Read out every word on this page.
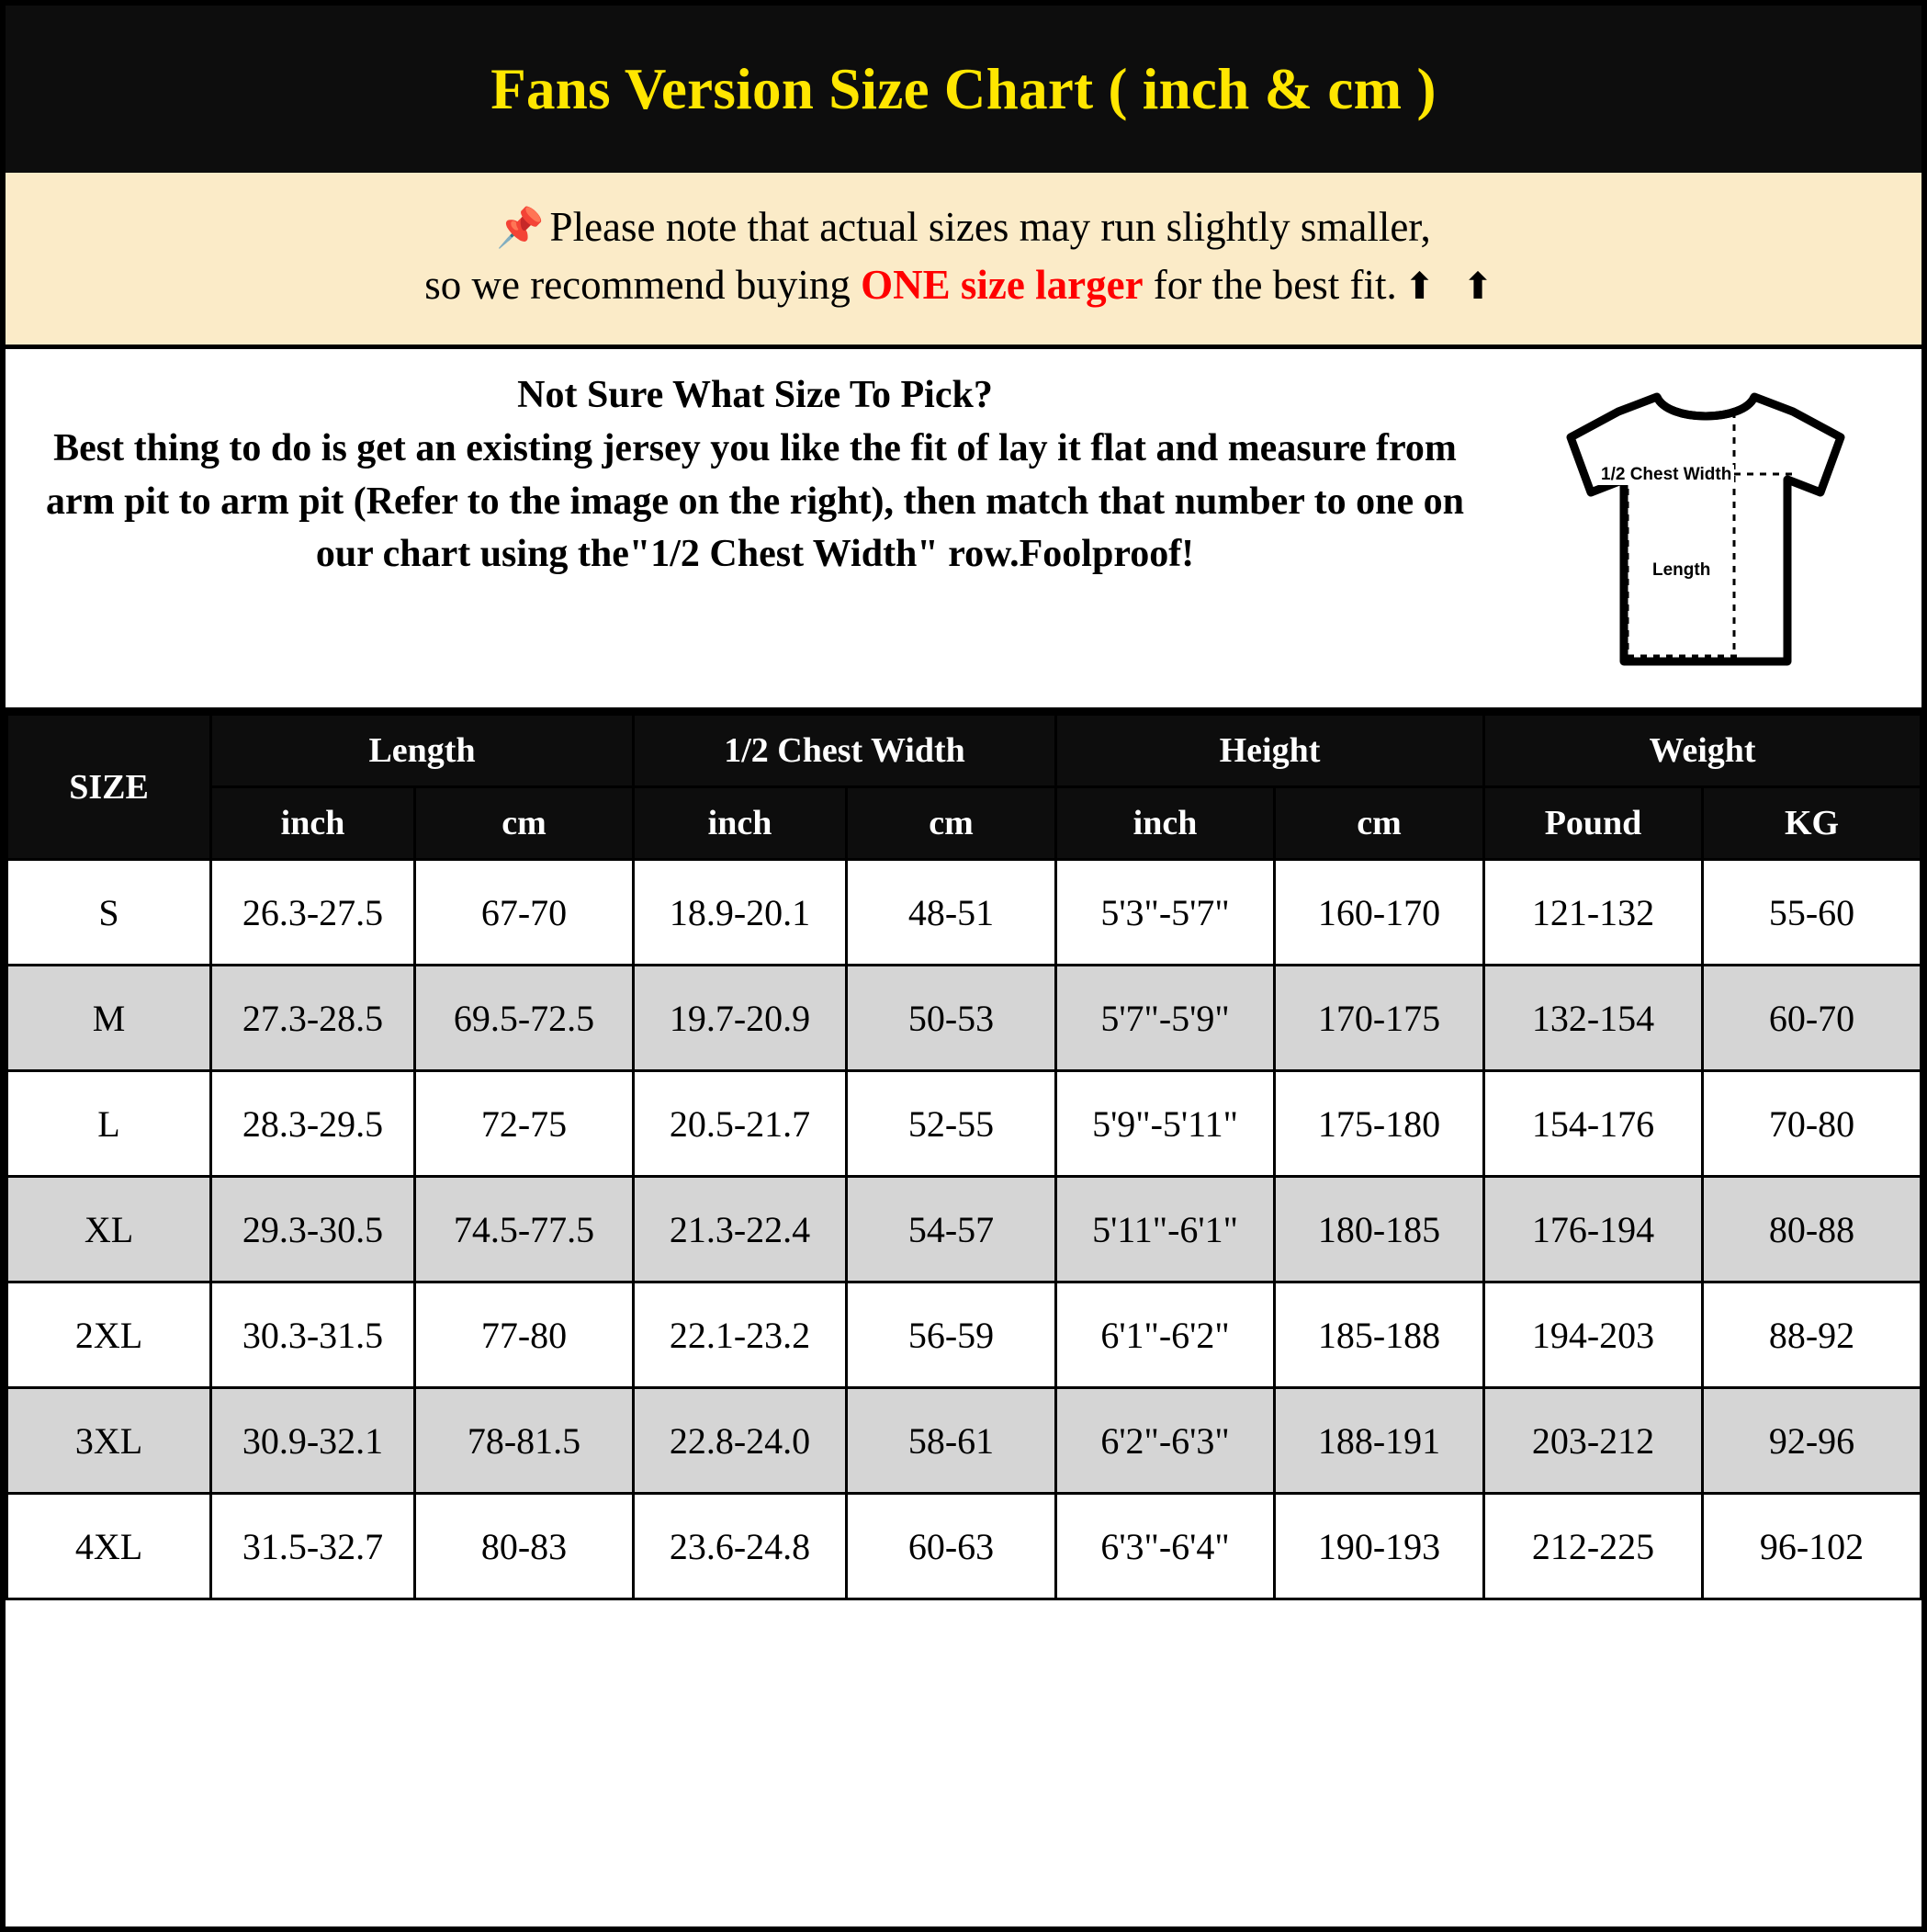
Fans Version Size Chart ( inch & cm )
📌 Please note that actual sizes may run slightly smaller,
so we recommend buying ONE size larger for the best fit. ⬆ ⬆
Not Sure What Size To Pick?
Best thing to do is get an existing jersey you like the fit of lay it flat and measure from arm pit to arm pit (Refer to the image on the right), then match that number to one on our chart using the"1/2 Chest Width" row.Foolproof!
1/2 Chest Width
Length
siujersey.com
SIZE	Length		1/2 Chest Width		Height		Weight	
	inch	cm	inch	cm	inch	cm	Pound	KG
S	26.3-27.5	67-70	18.9-20.1	48-51	5'3"-5'7"	160-170	121-132	55-60
M	27.3-28.5	69.5-72.5	19.7-20.9	50-53	5'7"-5'9"	170-175	132-154	60-70
L	28.3-29.5	72-75	20.5-21.7	52-55	5'9"-5'11"	175-180	154-176	70-80
XL	29.3-30.5	74.5-77.5	21.3-22.4	54-57	5'11"-6'1"	180-185	176-194	80-88
2XL	30.3-31.5	77-80	22.1-23.2	56-59	6'1"-6'2"	185-188	194-203	88-92
3XL	30.9-32.1	78-81.5	22.8-24.0	58-61	6'2"-6'3"	188-191	203-212	92-96
4XL	31.5-32.7	80-83	23.6-24.8	60-63	6'3"-6'4"	190-193	212-225	96-102
